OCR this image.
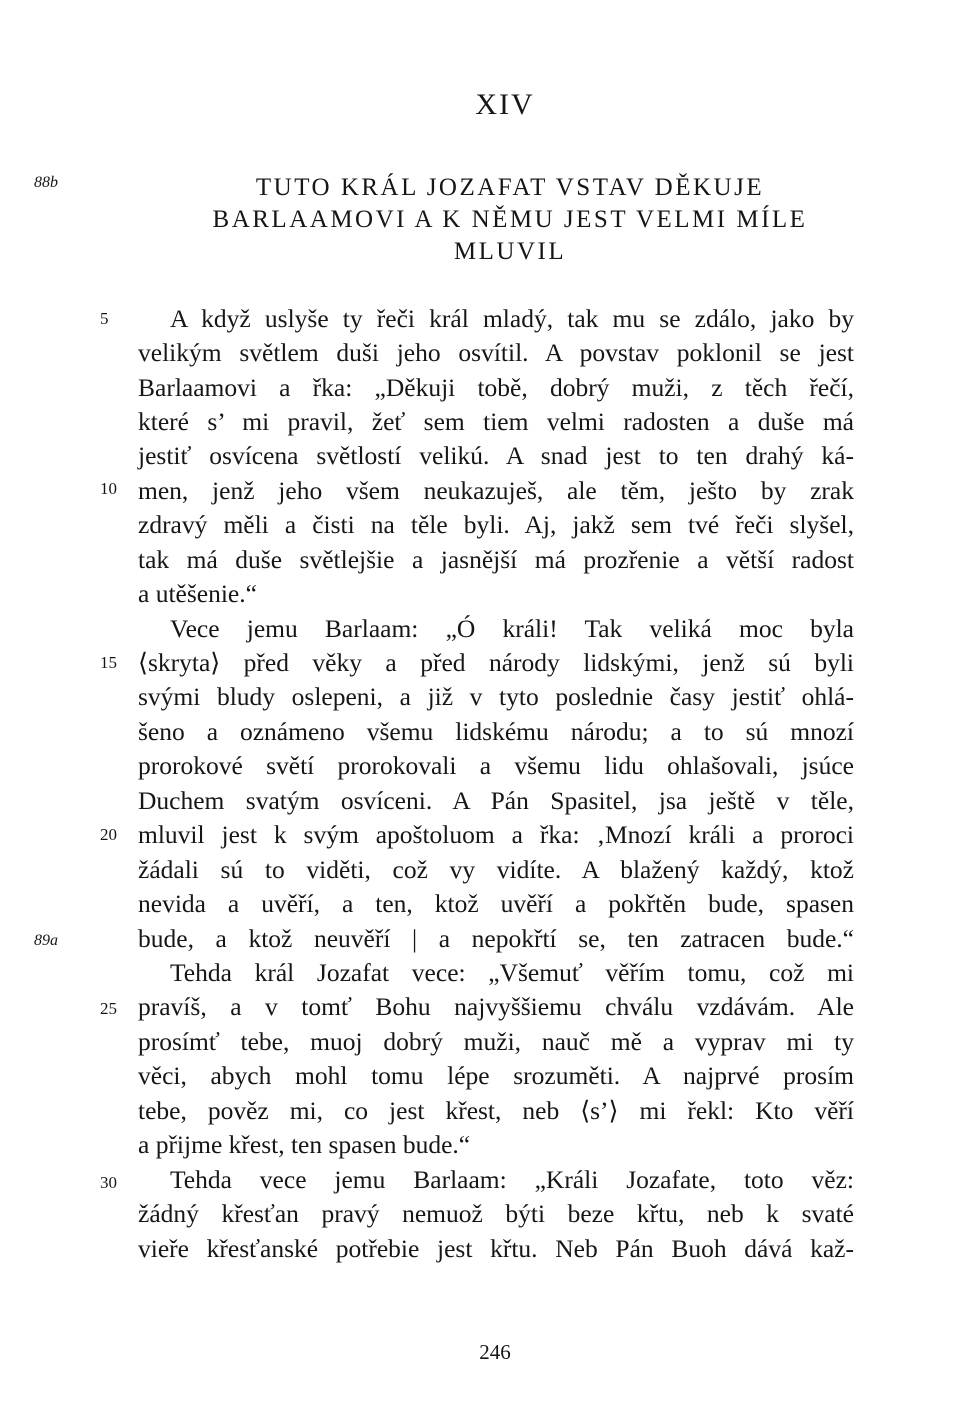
XIV
88b	TUTO KRÁL JOZAFAT VSTAV DĚKUJE
BARLAAMOVI A K NĚMU JEST VELMI MÍLE
MLUVIL
5
10
15
20
25
30
89a
A když uslyše ty řeči král mladý, tak mu se zdálo, jako by
velikým světlem duši jeho osvítil. A povstav poklonil se jest
Barlaamovi a řka: „Děkuji tobě, dobrý muži, z těch řečí,
které s’ mi pravil, žeť sem tiem velmi radosten a duše má
jestiť osvícena světlostí velikú. A snad jest to ten drahý ká-
men, jenž jeho všem neukazuješ, ale těm, ješto by zrak
zdravý měli a čisti na těle byli. Aj, jakž sem tvé řeči slyšel,
tak má duše světlejšie a jasnější má prozřenie a větší radost
a utěšenie.“
Vece jemu Barlaam: „Ó králi! Tak veliká moc byla
⟨skryta⟩ před věky a před národy lidskými, jenž sú byli
svými bludy oslepeni, a již v tyto poslednie časy jestiť ohlá-
šeno a oznámeno všemu lidskému národu; a to sú mnozí
prorokové světí prorokovali a všemu lidu ohlašovali, jsúce
Duchem svatým osvíceni. A Pán Spasitel, jsa ještě v těle,
mluvil jest k svým apoštoluom a řka: ‚Mnozí králi a proroci
žádali sú to viděti, což vy vidíte. A blažený každý, ktož
nevida a uvěří, a ten, ktož uvěří a pokřtěn bude, spasen
bude, a ktož neuvěří | a nepokřtí se, ten zatracen bude.“
Tehda král Jozafat vece: „Všemuť věřím tomu, což mi
pravíš, a v tomť Bohu najvyššiemu chválu vzdávám. Ale
prosímť tebe, muoj dobrý muži, nauč mě a vyprav mi ty
věci, abych mohl tomu lépe srozuměti. A najprvé prosím
tebe, pověz mi, co jest křest, neb ⟨s’⟩ mi řekl: Kto věří
a přijme křest, ten spasen bude.“
Tehda vece jemu Barlaam: „Králi Jozafate, toto věz:
žádný křesťan pravý nemuož býti beze křtu, neb k svaté
vieře křesťanské potřebie jest křtu. Neb Pán Buoh dává kaž-
246
